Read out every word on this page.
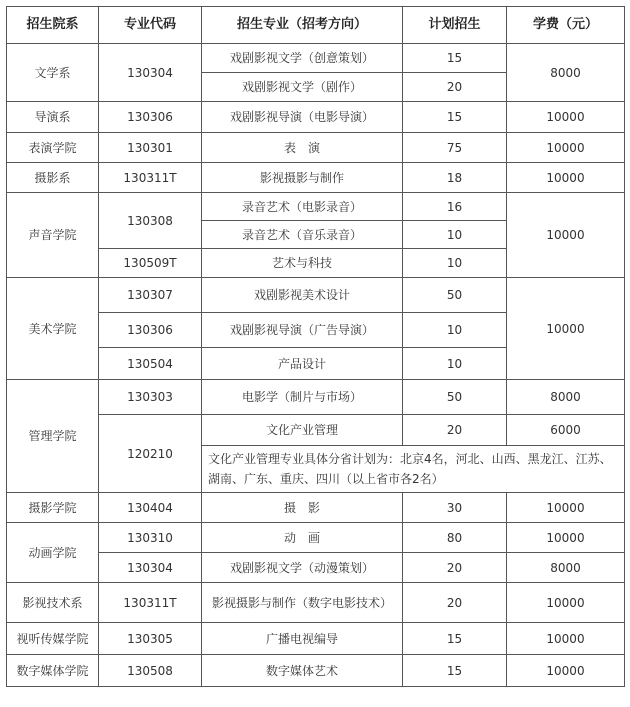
招生院系	专业代码	招生专业（招考方向）	计划招生	学费（元）
文学系	130304	戏剧影视文学（创意策划）	15	8000
		戏剧影视文学（剧作）	20	
导演系	130306	戏剧影视导演（电影导演）	15	10000
表演学院	130301	表　演	75	10000
摄影系	130311T	影视摄影与制作	18	10000
声音学院	130308	录音艺术（电影录音）	16	10000
		录音艺术（音乐录音）	10	
	130509T	艺术与科技	10	
美术学院	130307	戏剧影视美术设计	50	10000
	130306	戏剧影视导演（广告导演）	10	
	130504	产品设计	10	
管理学院	130303	电影学（制片与市场）	50	8000
	120210	文化产业管理	20	6000
		文化产业管理专业具体分省计划为：北京4名，河北、山西、黑龙江、江苏、湖南、广东、重庆、四川（以上省市各2名）		
摄影学院	130404	摄　影	30	10000
动画学院	130310	动　画	80	10000
	130304	戏剧影视文学（动漫策划）	20	8000
影视技术系	130311T	影视摄影与制作（数字电影技术）	20	10000
视听传媒学院	130305	广播电视编导	15	10000
数字媒体学院	130508	数字媒体艺术	15	10000
